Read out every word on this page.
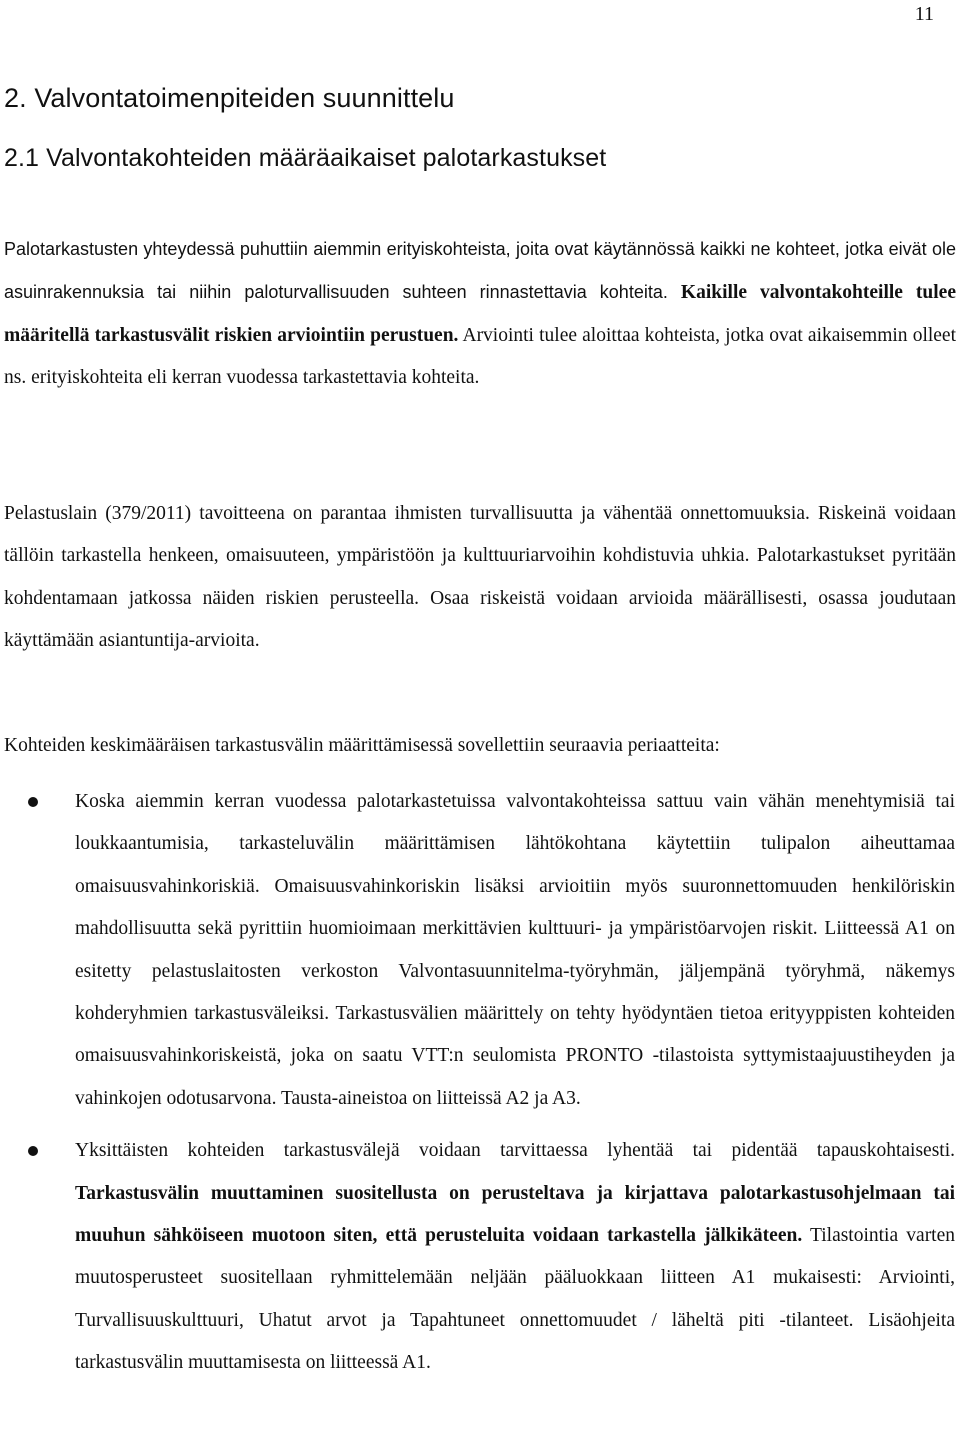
11
2. Valvontatoimenpiteiden suunnittelu
2.1 Valvontakohteiden määräaikaiset palotarkastukset

Palotarkastusten yhteydessä puhuttiin aiemmin erityiskohteista, joita ovat käytännössä kaikki ne kohteet, jotka eivät ole asuinrakennuksia tai niihin paloturvallisuuden suhteen rinnastettavia kohteita. Kaikille valvontakohteille tulee määritellä tarkastusvälit riskien arviointiin perustuen. Arviointi tulee aloittaa kohteista, jotka ovat aikaisemmin olleet ns. erityiskohteita eli kerran vuodessa tarkastettavia kohteita.

Pelastuslain (379/2011) tavoitteena on parantaa ihmisten turvallisuutta ja vähentää onnettomuuksia. Riskeinä voidaan tällöin tarkastella henkeen, omaisuuteen, ympäristöön ja kulttuuriarvoihin kohdistuvia uhkia. Palotarkastukset pyritään kohdentamaan jatkossa näiden riskien perusteella. Osaa riskeistä voidaan arvioida määrällisesti, osassa joudutaan käyttämään asiantuntija-arvioita.

Kohteiden keskimääräisen tarkastusvälin määrittämisessä sovellettiin seuraavia periaatteita:

Koska aiemmin kerran vuodessa palotarkastetuissa valvontakohteissa sattuu vain vähän menehtymisiä tai loukkaantumisia, tarkasteluvälin määrittämisen lähtökohtana käytettiin tulipalon aiheuttamaa omaisuusvahinkoriskiä. Omaisuusvahinkoriskin lisäksi arvioitiin myös suuronnettomuuden henkilöriskin mahdollisuutta sekä pyrittiin huomioimaan merkittävien kulttuuri- ja ympäristöarvojen riskit. Liitteessä A1 on esitetty pelastuslaitosten verkoston Valvontasuunnitelma-työryhmän, jäljempänä työryhmä, näkemys kohderyhmien tarkastusväleiksi. Tarkastusvälien määrittely on tehty hyödyntäen tietoa erityyppisten kohteiden omaisuusvahinkoriskeistä, joka on saatu VTT:n seulomista PRONTO -tilastoista syttymistaajuustiheyden ja vahinkojen odotusarvona. Tausta-aineistoa on liitteissä A2 ja A3.
Yksittäisten kohteiden tarkastusvälejä voidaan tarvittaessa lyhentää tai pidentää tapauskohtaisesti. Tarkastusvälin muuttaminen suositellusta on perusteltava ja kirjattava palotarkastusohjelmaan tai muuhun sähköiseen muotoon siten, että perusteluita voidaan tarkastella jälkikäteen. Tilastointia varten muutosperusteet suositellaan ryhmittelemään neljään pääluokkaan liitteen A1 mukaisesti: Arviointi, Turvallisuuskulttuuri, Uhatut arvot ja Tapahtuneet onnettomuudet / läheltä piti -tilanteet. Lisäohjeita tarkastusvälin muuttamisesta on liitteessä A1.
